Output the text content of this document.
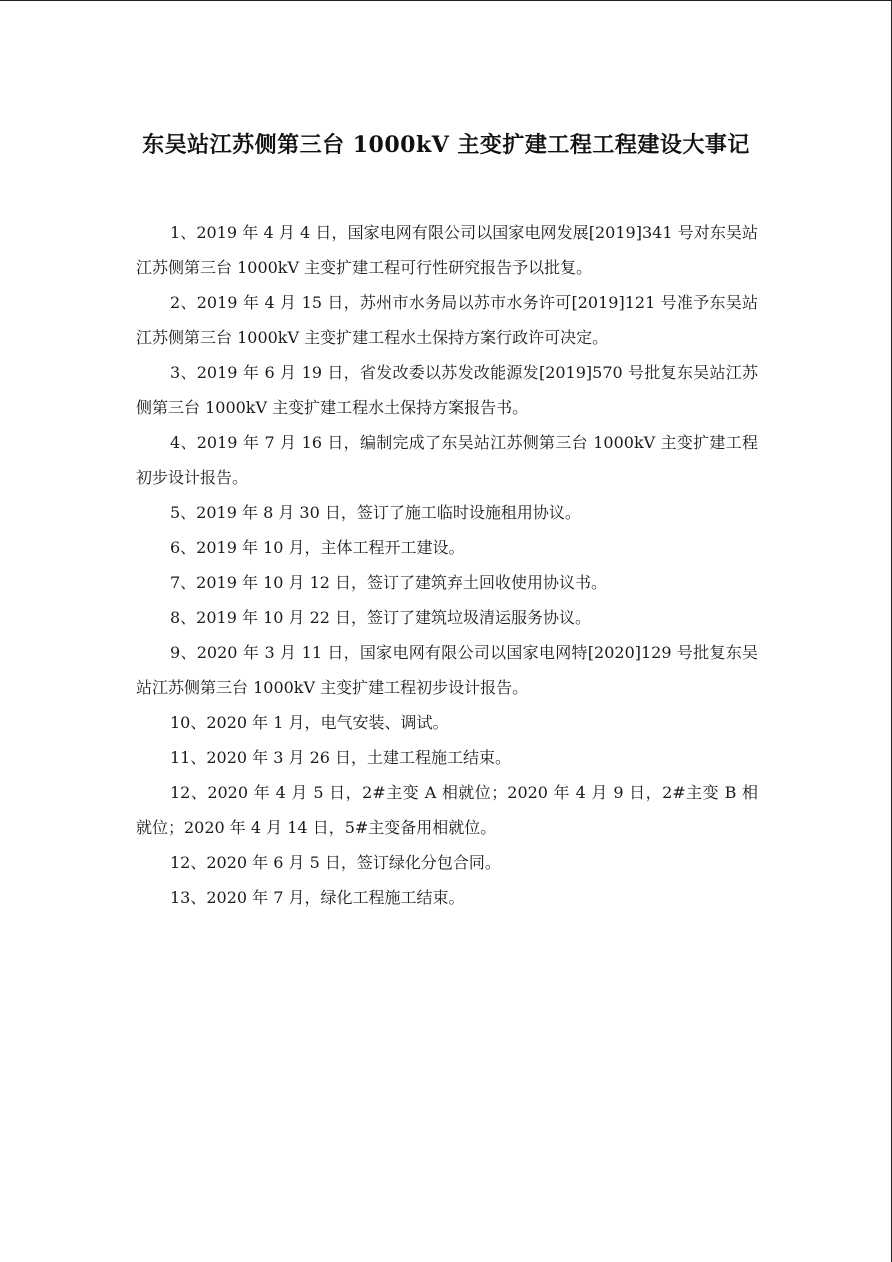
东吴站江苏侧第三台 1000kV 主变扩建工程工程建设大事记
1、2019 年 4 月 4 日，国家电网有限公司以国家电网发展[2019]341 号对东吴站江苏侧第三台 1000kV 主变扩建工程可行性研究报告予以批复。
2、2019 年 4 月 15 日，苏州市水务局以苏市水务许可[2019]121 号准予东吴站江苏侧第三台 1000kV 主变扩建工程水土保持方案行政许可决定。
3、2019 年 6 月 19 日，省发改委以苏发改能源发[2019]570 号批复东吴站江苏侧第三台 1000kV 主变扩建工程水土保持方案报告书。
4、2019 年 7 月 16 日，编制完成了东吴站江苏侧第三台 1000kV 主变扩建工程初步设计报告。
5、2019 年 8 月 30 日，签订了施工临时设施租用协议。
6、2019 年 10 月，主体工程开工建设。
7、2019 年 10 月 12 日，签订了建筑弃土回收使用协议书。
8、2019 年 10 月 22 日，签订了建筑垃圾清运服务协议。
9、2020 年 3 月 11 日，国家电网有限公司以国家电网特[2020]129 号批复东吴站江苏侧第三台 1000kV 主变扩建工程初步设计报告。
10、2020 年 1 月，电气安装、调试。
11、2020 年 3 月 26 日，土建工程施工结束。
12、2020 年 4 月 5 日，2#主变 A 相就位；2020 年 4 月 9 日，2#主变 B 相就位；2020 年 4 月 14 日，5#主变备用相就位。
12、2020 年 6 月 5 日，签订绿化分包合同。
13、2020 年 7 月，绿化工程施工结束。
